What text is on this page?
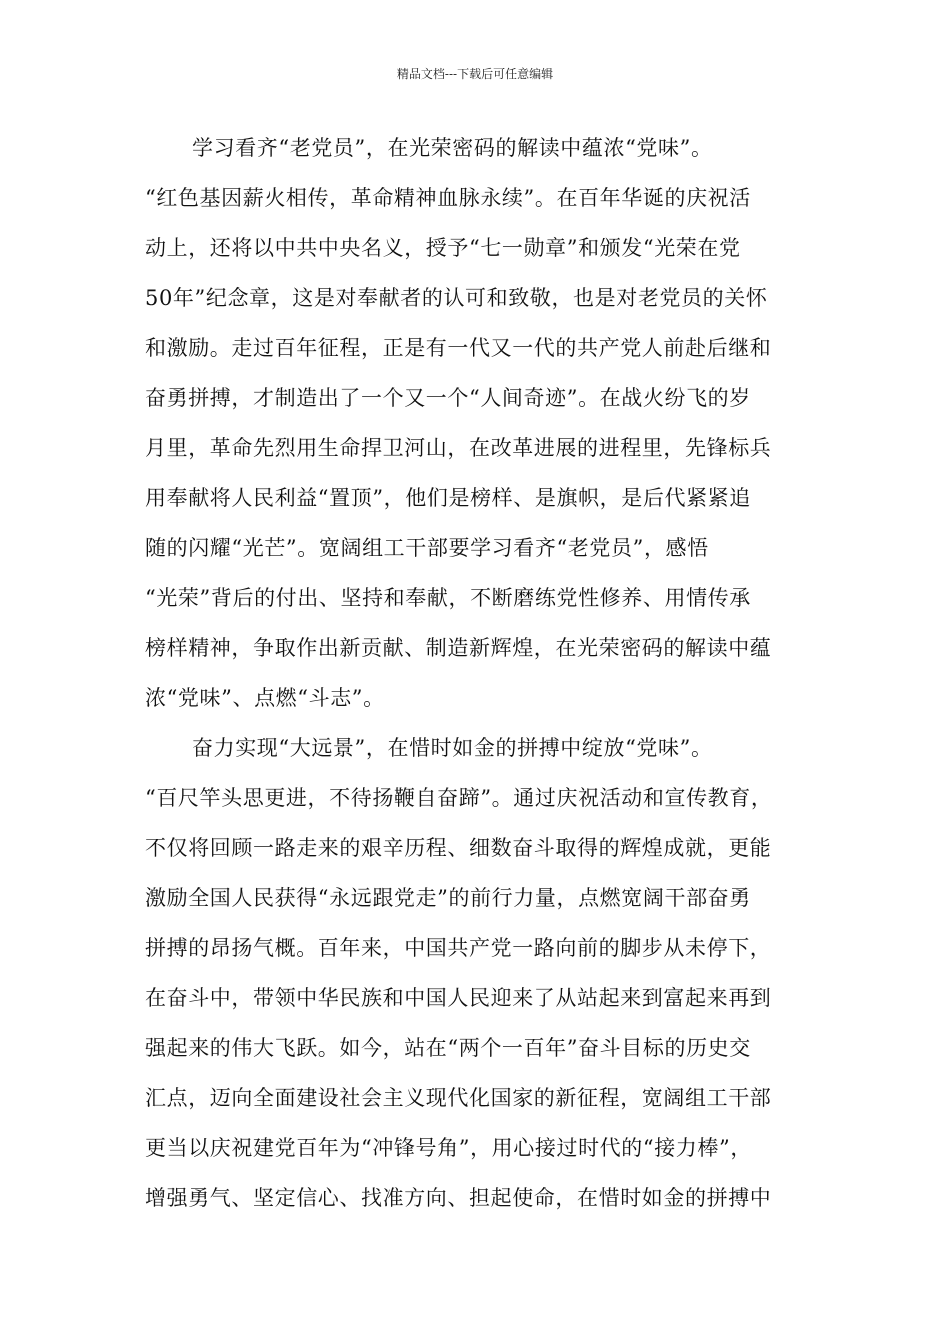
精品文档---下载后可任意编辑
学习看齐“老党员”，在光荣密码的解读中蕴浓“党味”。
“红色基因薪火相传，革命精神血脉永续”。在百年华诞的庆祝活
动上，还将以中共中央名义，授予“七一勋章”和颁发“光荣在党
50年”纪念章，这是对奉献者的认可和致敬，也是对老党员的关怀
和激励。走过百年征程，正是有一代又一代的共产党人前赴后继和
奋勇拼搏，才制造出了一个又一个“人间奇迹”。在战火纷飞的岁
月里，革命先烈用生命捍卫河山，在改革进展的进程里，先锋标兵
用奉献将人民利益“置顶”，他们是榜样、是旗帜，是后代紧紧追
随的闪耀“光芒”。宽阔组工干部要学习看齐“老党员”，感悟
“光荣”背后的付出、坚持和奉献，不断磨练党性修养、用情传承
榜样精神，争取作出新贡献、制造新辉煌，在光荣密码的解读中蕴
浓“党味”、点燃“斗志”。
奋力实现“大远景”，在惜时如金的拼搏中绽放“党味”。
“百尺竿头思更进，不待扬鞭自奋蹄”。通过庆祝活动和宣传教育，
不仅将回顾一路走来的艰辛历程、细数奋斗取得的辉煌成就，更能
激励全国人民获得“永远跟党走”的前行力量，点燃宽阔干部奋勇
拼搏的昂扬气概。百年来，中国共产党一路向前的脚步从未停下，
在奋斗中，带领中华民族和中国人民迎来了从站起来到富起来再到
强起来的伟大飞跃。如今，站在“两个一百年”奋斗目标的历史交
汇点，迈向全面建设社会主义现代化国家的新征程，宽阔组工干部
更当以庆祝建党百年为“冲锋号角”，用心接过时代的“接力棒”，
增强勇气、坚定信心、找准方向、担起使命，在惜时如金的拼搏中
